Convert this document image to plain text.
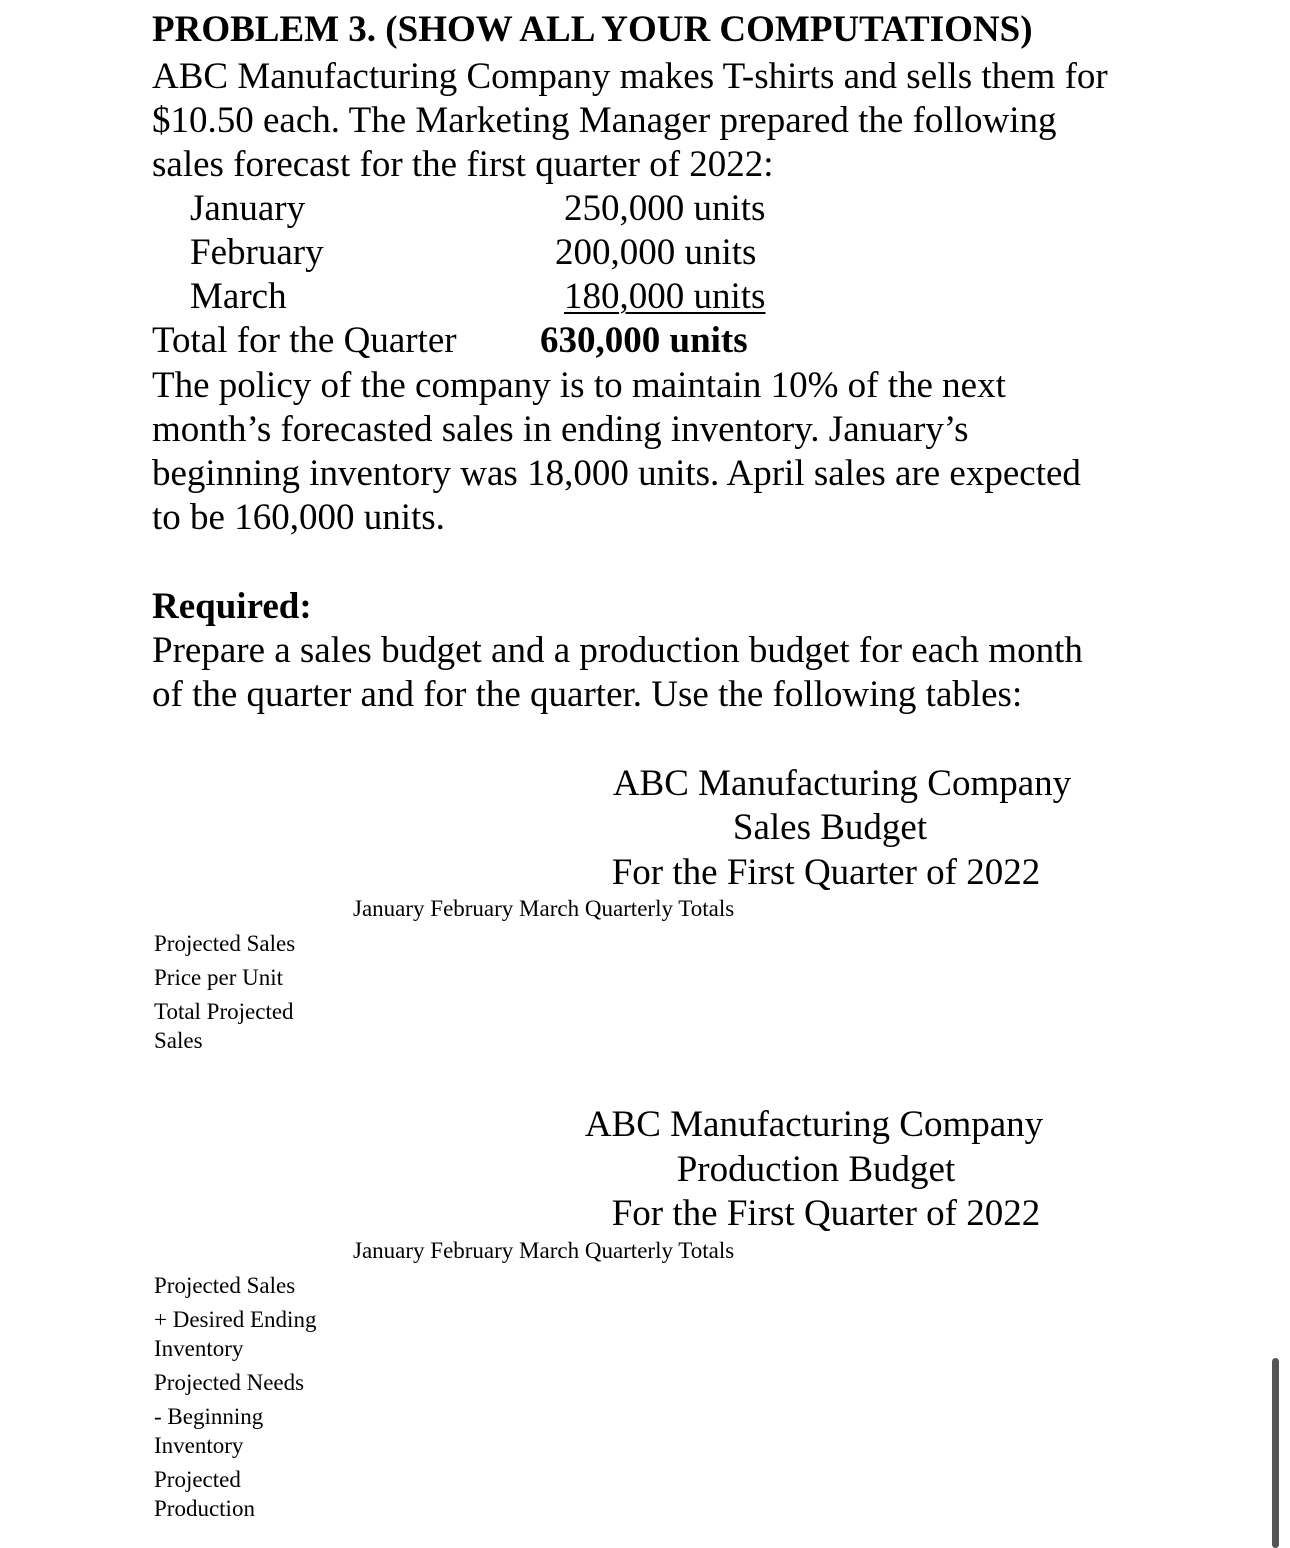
PROBLEM 3. (SHOW ALL YOUR COMPUTATIONS)
ABC Manufacturing Company makes T-shirts and sells them for
$10.50 each. The Marketing Manager prepared the following
sales forecast for the first quarter of 2022:
January	250,000 units
February	200,000 units
March	180,000 units
Total for the Quarter 630,000 units
The policy of the company is to maintain 10% of the next
month’s forecasted sales in ending inventory. January’s
beginning inventory was 18,000 units. April sales are expected
to be 160,000 units.
Required:
Prepare a sales budget and a production budget for each month
of the quarter and for the quarter. Use the following tables:
ABC Manufacturing Company
Sales Budget
For the First Quarter of 2022
January February March Quarterly Totals
Projected Sales
Price per Unit
Total Projected Sales
ABC Manufacturing Company
Production Budget
For the First Quarter of 2022
January February March Quarterly Totals
Projected Sales
+ Desired Ending Inventory
Projected Needs
- Beginning Inventory
Projected Production
